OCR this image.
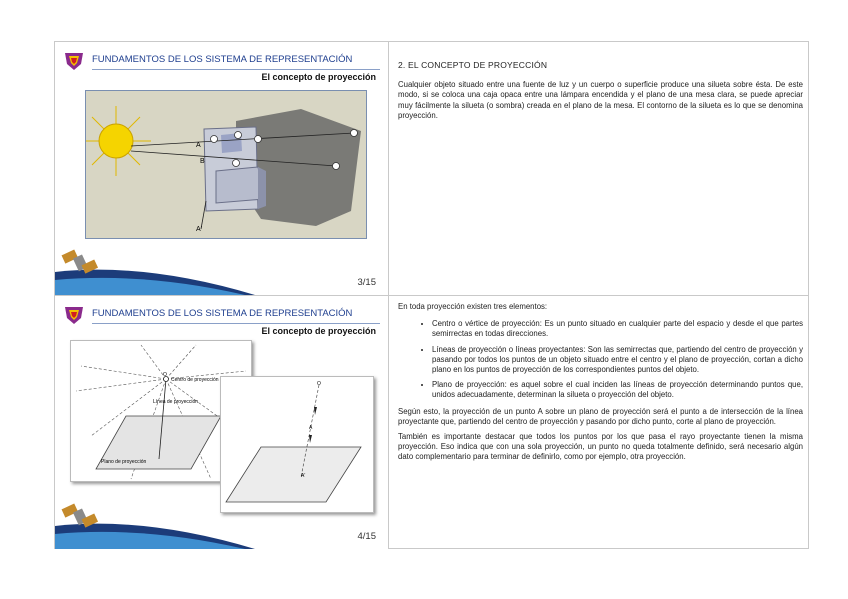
FUNDAMENTOS DE LOS SISTEMA DE REPRESENTACIÓN
El concepto de proyección
A
B
A'
3/15
FUNDAMENTOS DE LOS SISTEMA DE REPRESENTACIÓN
El concepto de proyección
O
Centro de proyección
Línea de proyección
Plano de proyección
O
A
A'
4/15
2. EL CONCEPTO DE PROYECCIÓN

Cualquier objeto situado entre una fuente de luz y un cuerpo o superficie produce una silueta sobre ésta. De este modo, si se coloca una caja opaca entre una lámpara encendida y el plano de una mesa clara, se puede apreciar muy fácilmente la silueta (o sombra) creada en el plano de la mesa. El contorno de la silueta es lo que se denomina proyección.

En toda proyección existen tres elementos:

• Centro o vértice de proyección: Es un punto situado en cualquier parte del espacio y desde el que partes semirrectas en todas direcciones.
• Líneas de proyección o líneas proyectantes: Son las semirrectas que, partiendo del centro de proyección y pasando por todos los puntos de un objeto situado entre el centro y el plano de proyección, cortan a dicho plano en los puntos de proyección de los correspondientes puntos del objeto.
• Plano de proyección: es aquel sobre el cual inciden las líneas de proyección determinando puntos que, unidos adecuadamente, determinan la silueta o proyección del objeto.

Según esto, la proyección de un punto A sobre un plano de proyección será el punto a de intersección de la línea proyectante que, partiendo del centro de proyección y pasando por dicho punto, corte al plano de proyección.

También es importante destacar que todos los puntos por los que pasa el rayo proyectante tienen la misma proyección. Eso indica que con una sola proyección, un punto no queda totalmente definido, será necesario algún dato complementario para terminar de definirlo, como por ejemplo, otra proyección.
